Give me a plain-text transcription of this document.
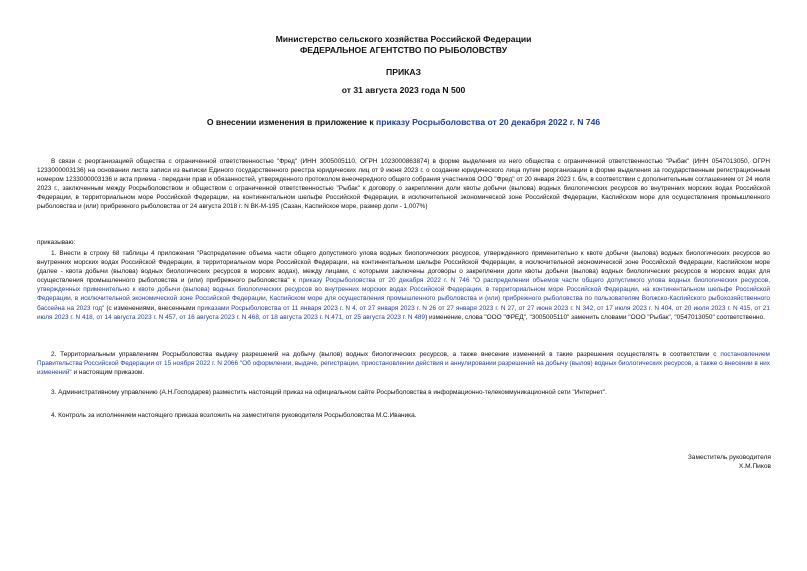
Министерство сельского хозяйства Российской Федерации
ФЕДЕРАЛЬНОЕ АГЕНТСТВО ПО РЫБОЛОВСТВУ
ПРИКАЗ
от 31 августа 2023 года N 500
О внесении изменения в приложение к приказу Росрыболовства от 20 декабря 2022 г. N 746

В связи с реорганизацией общества с ограниченной ответственностью "Фред" (ИНН 3005005110, ОГРН 1023000863874) в форме выделения из него общества с ограниченной ответственностью "Рыбак" (ИНН 0547013050, ОГРН 1233000003136) на основании листа записи из выписки Единого государственного реестра юридических лиц от 9 июня 2023 г. о создании юридического лица путем реорганизации в форме выделения за государственным регистрационным номером 1233000003136 и акта приема - передачи прав и обязанностей, утвержденного протоколом внеочередного общего собрания участников ООО "Фред" от 20 января 2023 г. б/н, в соответствии с дополнительным соглашением от 24 июля 2023 г., заключенным между Росрыболовством и обществом с ограниченной ответственностью "Рыбак" к договору о закреплении доли квоты добычи (вылова) водных биологических ресурсов во внутренних морских водах Российской Федерации, в территориальном море Российской Федерации, на континентальном шельфе Российской Федерации, в исключительной экономической зоне Российской Федерации, Каспийском море для осуществления промышленного рыболовства и (или) прибрежного рыболовства от 24 августа 2018 г. N ВК-М-195 (Сазан, Каспийское море, размер доли - 1,007%)

приказываю:

1. Внести в строку 68 таблицы 4 приложения "Распределение объема части общего допустимого улова водных биологических ресурсов, утвержденного применительно к квоте добычи (вылова) водных биологических ресурсов во внутренних морских водах Российской Федерации, в территориальном море Российской Федерации, на континентальном шельфе Российской Федерации, в исключительной экономической зоне Российской Федерации, Каспийском море (далее - квота добычи (вылова) водных биологических ресурсов в морских водах), между лицами, с которыми заключены договоры о закреплении доли квоты добычи (вылова) водных биологических ресурсов в морских водах для осуществления промышленного рыболовства и (или) прибрежного рыболовства" к приказу Росрыболовства от 20 декабря 2022 г. N 746 "О распределении объемов части общего допустимого улова водных биологических ресурсов, утвержденных применительно к квоте добычи (вылова) водных биологических ресурсов во внутренних морских водах Российской Федерации, в территориальном море Российской Федерации, на континентальном шельфе Российской Федерации, в исключительной экономической зоне Российской Федерации, Каспийском море для осуществления промышленного рыболовства и (или) прибрежного рыболовства по пользователям Волжско-Каспийского рыбохозяйственного бассейна на 2023 год" (с изменениями, внесенными приказами Росрыболовства от 11 января 2023 г. N 4, от 27 января 2023 г. N 26 от 27 января 2023 г. N 27, от 27 июня 2023 г. N 342, от 17 июля 2023 г. N 404, от 20 июля 2023 г. N 415, от 21 июля 2023 г. N 418, от 14 августа 2023 г. N 457, от 16 августа 2023 г. N 468, от 18 августа 2023 г. N 471, от 25 августа 2023 г. N 489) изменение, слова "ООО "ФРЕД", "3005005110" заменить словами "ООО "Рыбак", "0547013050" соответственно.

2. Территориальным управлениям Росрыболовства выдачу разрешений на добычу (вылов) водных биологических ресурсов, а также внесение изменений в такие разрешения осуществлять в соответствии с постановлением Правительства Российской Федерации от 15 ноября 2022 г. N 2066 "Об оформлении, выдаче, регистрации, приостановлении действия и аннулировании разрешений на добычу (вылов) водных биологических ресурсов, а также о внесении в них изменений" и настоящим приказом.

3. Административному управлению (А.Н.Господарев) разместить настоящий приказ на официальном сайте Росрыболовства в информационно-телекоммуникационной сети "Интернет".

4. Контроль за исполнением настоящего приказа возложить на заместителя руководителя Росрыболовства М.С.Иваника.

Заместитель руководителя
Х.М.Пиков
